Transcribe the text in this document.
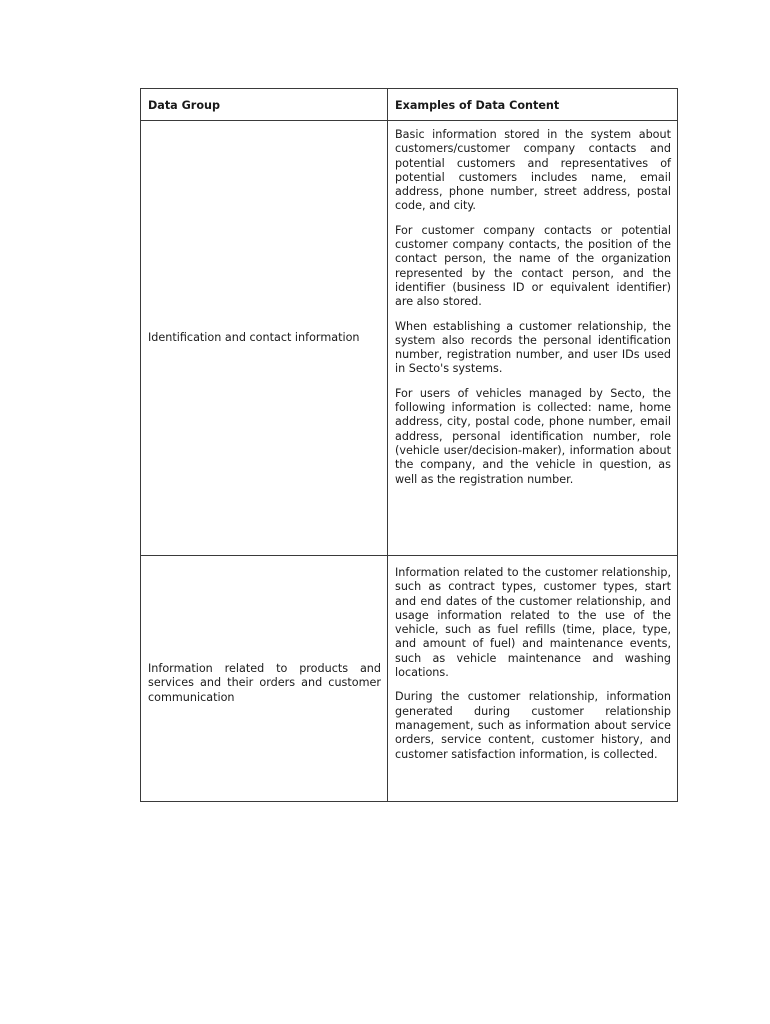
Data Group	Examples of Data Content
Identification and contact information	Basic information stored in the system about customers/customer company contacts and potential customers and representatives of potential customers includes name, email address, phone number, street address, postal code, and city.

For customer company contacts or potential customer company contacts, the position of the contact person, the name of the organization represented by the contact person, and the identifier (business ID or equivalent identifier) are also stored.

When establishing a customer relationship, the system also records the personal identification number, registration number, and user IDs used in Secto's systems.

For users of vehicles managed by Secto, the following information is collected: name, home address, city, postal code, phone number, email address, personal identification number, role (vehicle user/decision-maker), information about the company, and the vehicle in question, as well as the registration number.

Information related to products and services and their orders and customer communication	Information related to the customer relationship, such as contract types, customer types, start and end dates of the customer relationship, and usage information related to the use of the vehicle, such as fuel refills (time, place, type, and amount of fuel) and maintenance events, such as vehicle maintenance and washing locations.

During the customer relationship, information generated during customer relationship management, such as information about service orders, service content, customer history, and customer satisfaction information, is collected.
